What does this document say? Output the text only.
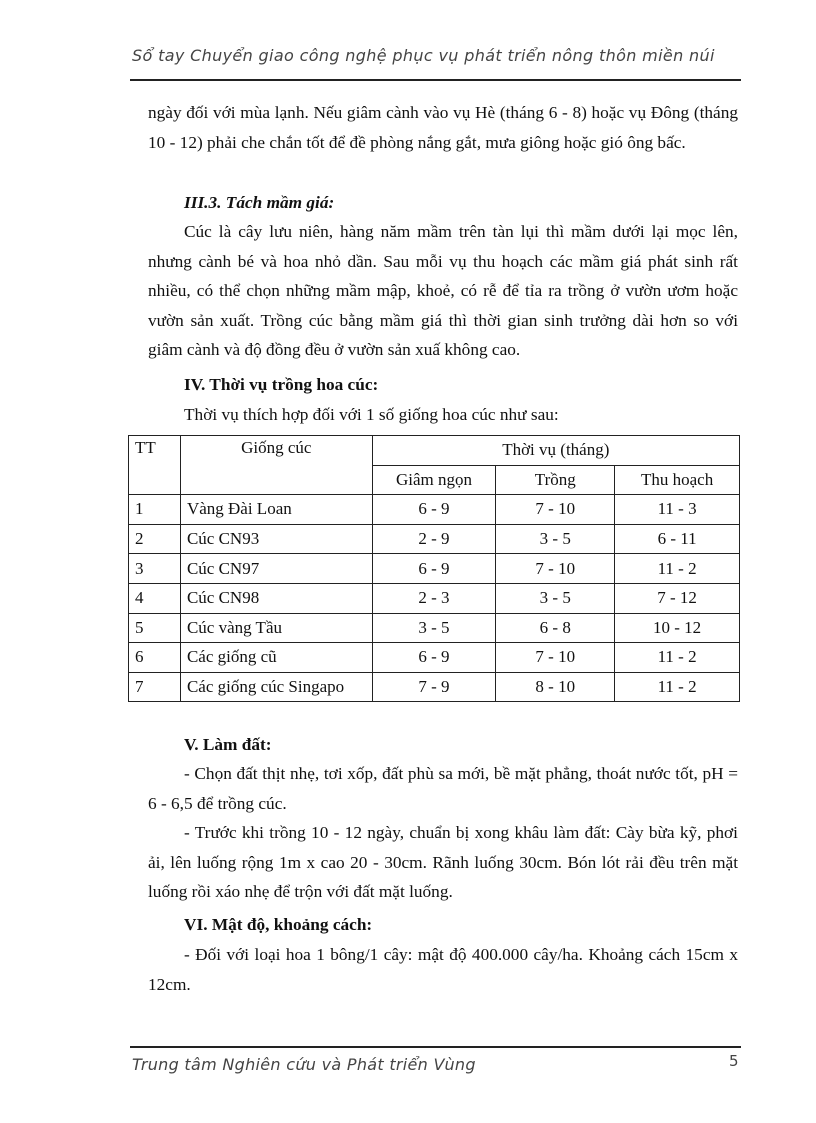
Sổ tay Chuyển giao công nghệ phục vụ phát triển nông thôn miền núi

ngày đối với mùa lạnh. Nếu giâm cành vào vụ Hè (tháng 6 - 8) hoặc vụ Đông (tháng 10 - 12) phải che chắn tốt để đề phòng nắng gắt, mưa giông hoặc gió ông bấc.

III.3. Tách mầm giá:

Cúc là cây lưu niên, hàng năm mầm trên tàn lụi thì mầm dưới lại mọc lên, nhưng cành bé và hoa nhỏ dần. Sau mỗi vụ thu hoạch các mầm giá phát sinh rất nhiều, có thể chọn những mầm mập, khoẻ, có rễ để tỉa ra trồng ở vườn ươm hoặc vườn sản xuất. Trồng cúc bằng mầm giá thì thời gian sinh trưởng dài hơn so với giâm cành và độ đồng đều ở vườn sản xuấ không cao.

IV. Thời vụ trồng hoa cúc:
Thời vụ thích hợp đối với 1 số giống hoa cúc như sau:
TT	Giống cúc	Thời vụ (tháng)		
		Giâm ngọn	Trồng	Thu hoạch
1	Vàng Đài Loan	6 - 9	7 - 10	11 - 3
2	Cúc CN93	2 - 9	3 - 5	6 - 11
3	Cúc CN97	6 - 9	7 - 10	11 - 2
4	Cúc CN98	2 - 3	3 - 5	7 - 12
5	Cúc vàng Tầu	3 - 5	6 - 8	10 - 12
6	Các giống cũ	6 - 9	7 - 10	11 - 2
7	Các giống cúc Singapo	7 - 9	8 - 10	11 - 2
V. Làm đất:

- Chọn đất thịt nhẹ, tơi xốp, đất phù sa mới, bề mặt phẳng, thoát nước tốt, pH = 6 - 6,5 để trồng cúc.

- Trước khi trồng 10 - 12 ngày, chuẩn bị xong khâu làm đất: Cày bừa kỹ, phơi ải, lên luống rộng 1m x cao 20 - 30cm. Rãnh luống 30cm. Bón lót rải đều trên mặt luống rồi xáo nhẹ để trộn với đất mặt luống.

VI. Mật độ, khoảng cách:

- Đối với loại hoa 1 bông/1 cây: mật độ 400.000 cây/ha. Khoảng cách 15cm x 12cm.

Trung tâm Nghiên cứu và Phát triển Vùng	5
